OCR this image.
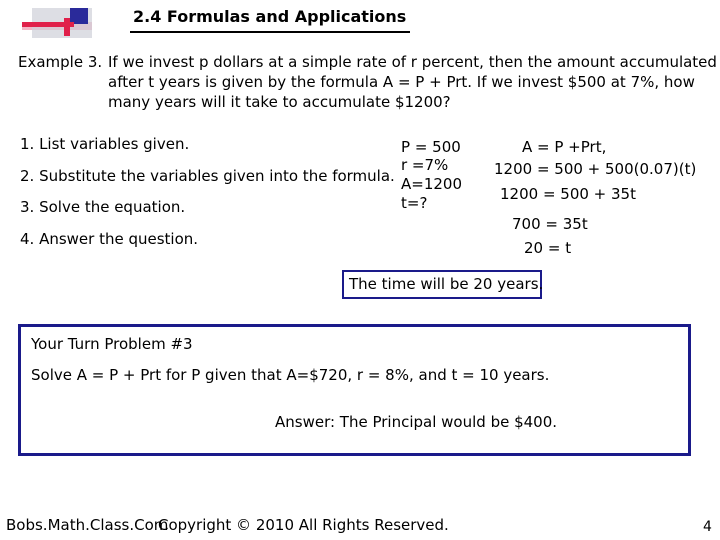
2.4 Formulas and Applications
Example 3. If we invest p dollars at a simple rate of r percent, then the amount accumulated
after t years is given by the formula A = P + Prt. If we invest $500 at 7%, how
many years will it take to accumulate $1200?
1. List variables given.
2. Substitute the variables given into the formula.
3. Solve the equation.
4. Answer the question.
P = 500
r =7%
A=1200
t=?
A = P +Prt,
1200 = 500 + 500(0.07)(t)
1200 = 500 + 35t
700 = 35t
20 = t
The time will be 20 years.
Your Turn Problem #3
Solve A = P + Prt for P given that A=$720, r = 8%, and t = 10 years.
Answer: The Principal would be $400.
Bobs.Math.Class.Com
Copyright © 2010 All Rights Reserved.	4
